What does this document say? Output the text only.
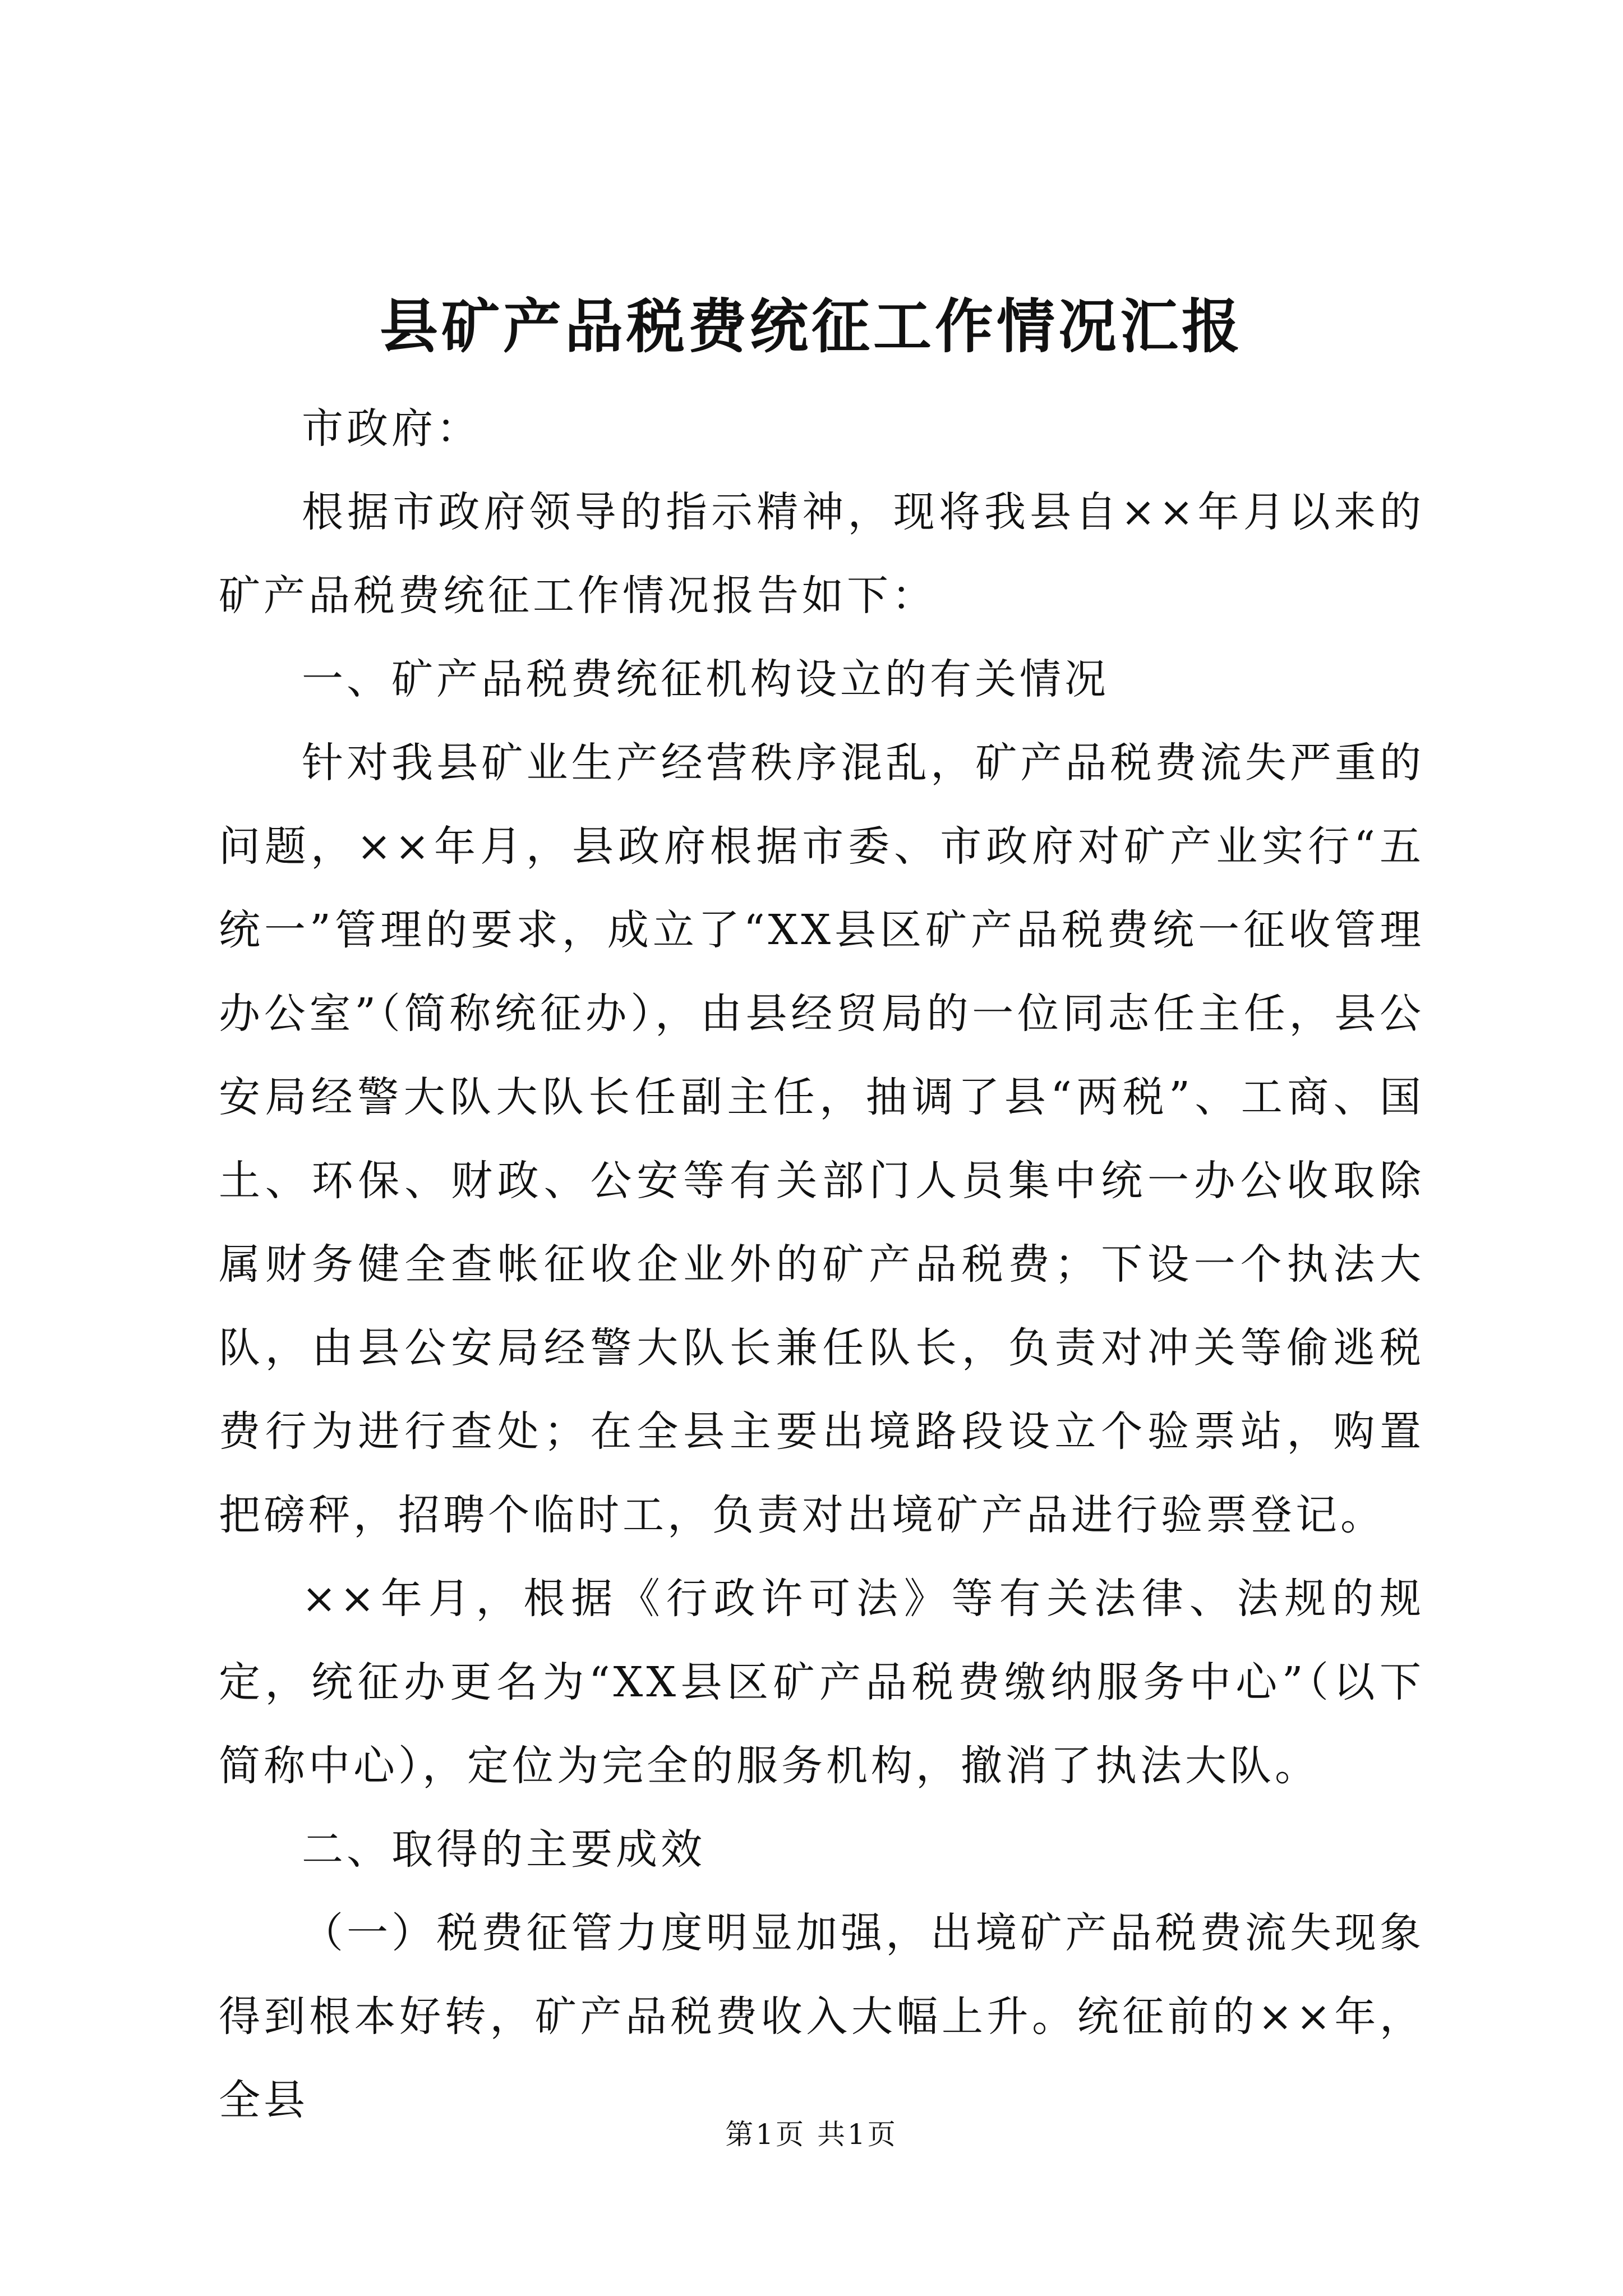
县矿产品税费统征工作情况汇报

市政府：

根据市政府领导的指示精神，现将我县自××年月以来的矿产品税费统征工作情况报告如下：

一、矿产品税费统征机构设立的有关情况

针对我县矿业生产经营秩序混乱，矿产品税费流失严重的问题，××年月，县政府根据市委、市政府对矿产业实行“五统一”管理的要求，成立了“XX县区矿产品税费统一征收管理办公室”（简称统征办），由县经贸局的一位同志任主任，县公安局经警大队大队长任副主任，抽调了县“两税”、工商、国土、环保、财政、公安等有关部门人员集中统一办公收取除属财务健全查帐征收企业外的矿产品税费；下设一个执法大队，由县公安局经警大队长兼任队长，负责对冲关等偷逃税费行为进行查处；在全县主要出境路段设立个验票站，购置把磅秤，招聘个临时工，负责对出境矿产品进行验票登记。

××年月，根据《行政许可法》等有关法律、法规的规定，统征办更名为“XX县区矿产品税费缴纳服务中心”（以下简称中心），定位为完全的服务机构，撤消了执法大队。

二、取得的主要成效

（一）税费征管力度明显加强，出境矿产品税费流失现象得到根本好转，矿产品税费收入大幅上升。统征前的××年，全县

第1页 共1页
